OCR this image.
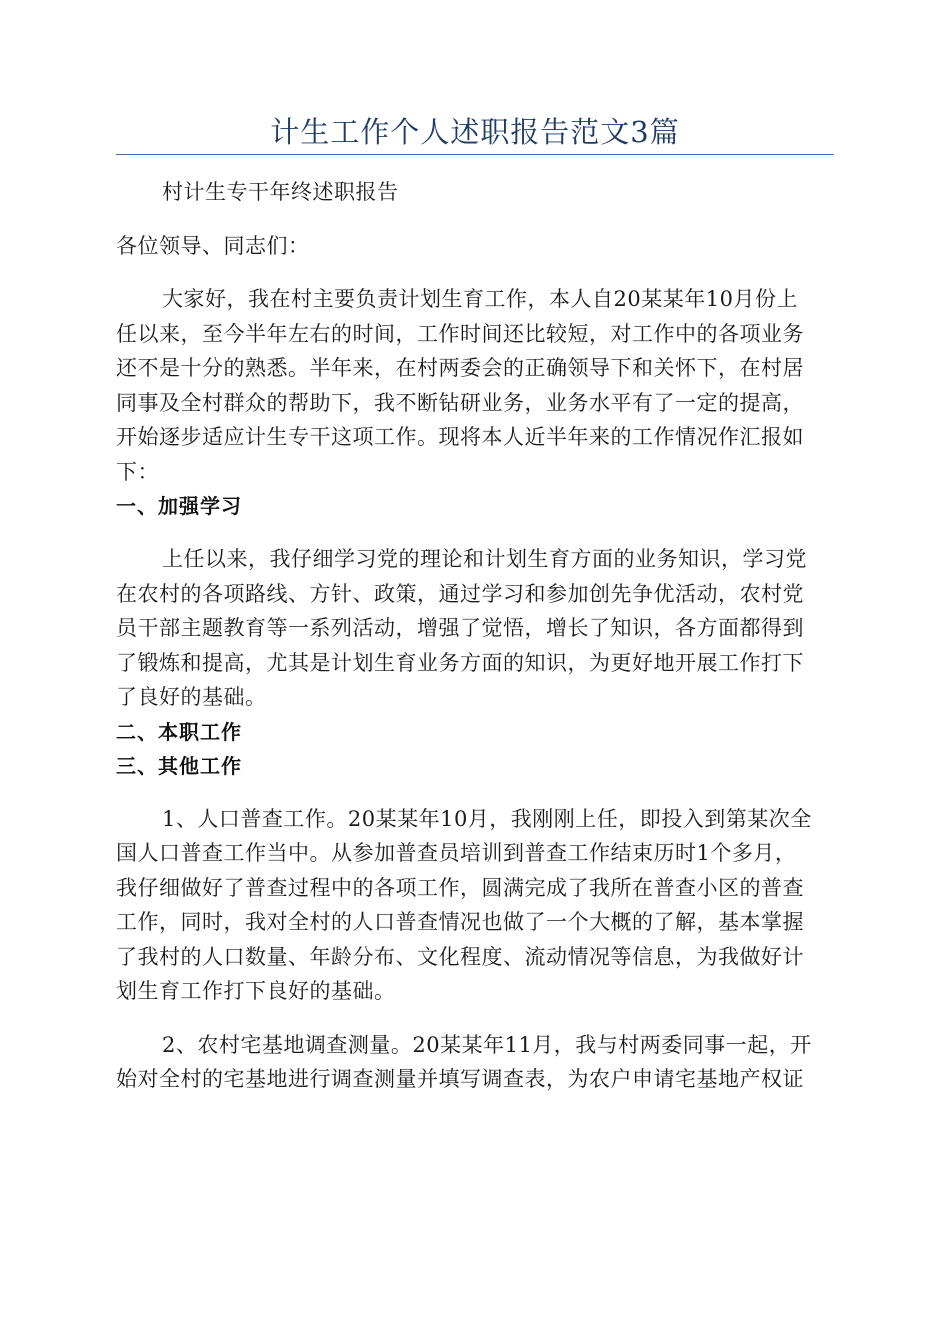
计生工作个人述职报告范文3篇

村计生专干年终述职报告

各位领导、同志们：

大家好，我在村主要负责计划生育工作，本人自20某某年10月份上

任以来，至今半年左右的时间，工作时间还比较短，对工作中的各项业务

还不是十分的熟悉。半年来，在村两委会的正确领导下和关怀下，在村居

同事及全村群众的帮助下，我不断钻研业务，业务水平有了一定的提高，

开始逐步适应计生专干这项工作。现将本人近半年来的工作情况作汇报如

下：

一、加强学习

上任以来，我仔细学习党的理论和计划生育方面的业务知识，学习党

在农村的各项路线、方针、政策，通过学习和参加创先争优活动，农村党

员干部主题教育等一系列活动，增强了觉悟，增长了知识，各方面都得到

了锻炼和提高，尤其是计划生育业务方面的知识，为更好地开展工作打下

了良好的基础。

二、本职工作

三、其他工作

1、人口普查工作。20某某年10月，我刚刚上任，即投入到第某次全

国人口普查工作当中。从参加普查员培训到普查工作结束历时1个多月，

我仔细做好了普查过程中的各项工作，圆满完成了我所在普查小区的普查

工作，同时，我对全村的人口普查情况也做了一个大概的了解，基本掌握

了我村的人口数量、年龄分布、文化程度、流动情况等信息，为我做好计

划生育工作打下良好的基础。

2、农村宅基地调查测量。20某某年11月，我与村两委同事一起，开

始对全村的宅基地进行调查测量并填写调查表，为农户申请宅基地产权证
